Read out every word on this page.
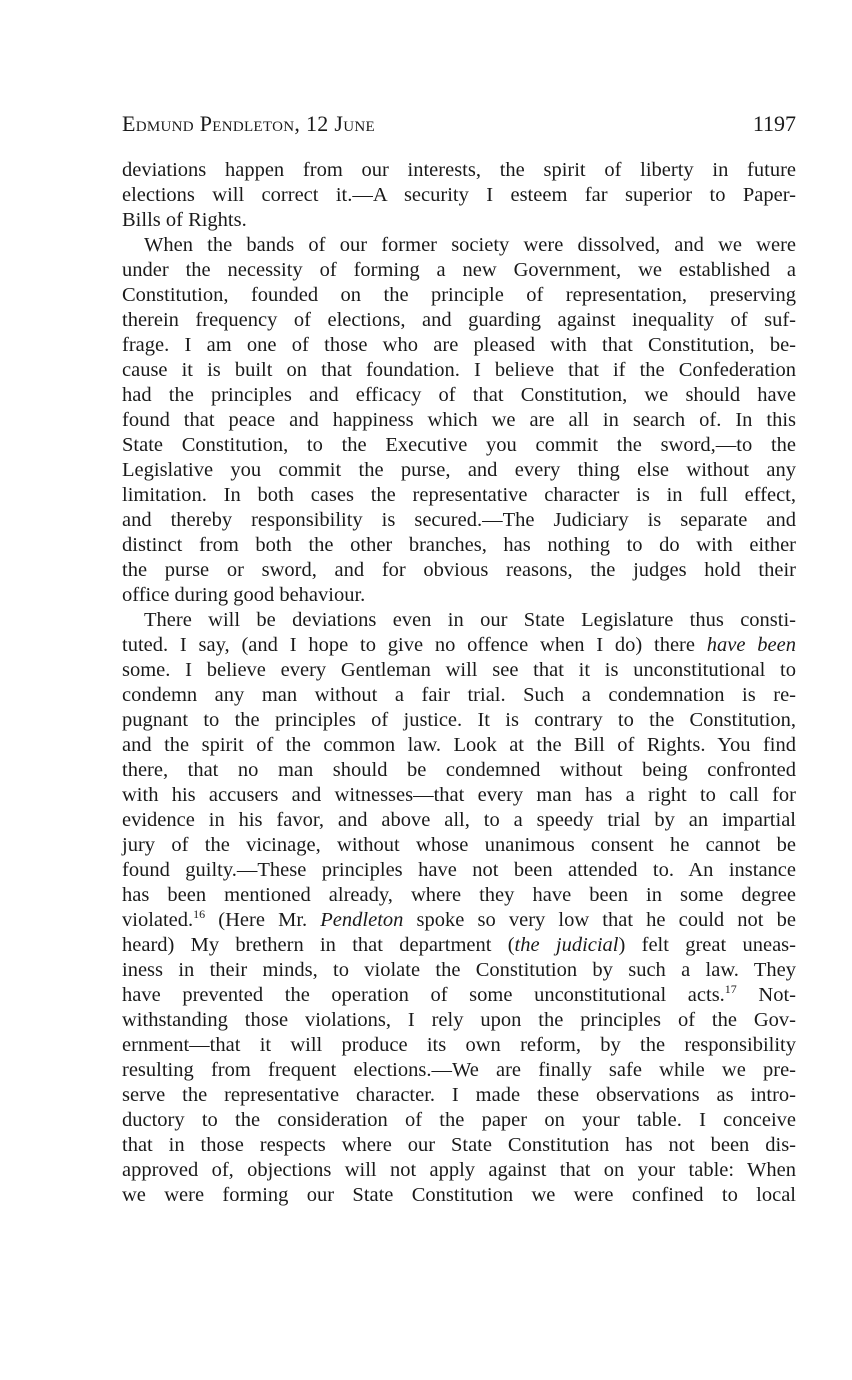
Edmund Pendleton, 12 June	1197
deviations happen from our interests, the spirit of liberty in future
elections will correct it.—A security I esteem far superior to Paper-
Bills of Rights.
When the bands of our former society were dissolved, and we were
under the necessity of forming a new Government, we established a
Constitution, founded on the principle of representation, preserving
therein frequency of elections, and guarding against inequality of suf-
frage. I am one of those who are pleased with that Constitution, be-
cause it is built on that foundation. I believe that if the Confederation
had the principles and efficacy of that Constitution, we should have
found that peace and happiness which we are all in search of. In this
State Constitution, to the Executive you commit the sword,—to the
Legislative you commit the purse, and every thing else without any
limitation. In both cases the representative character is in full effect,
and thereby responsibility is secured.—The Judiciary is separate and
distinct from both the other branches, has nothing to do with either
the purse or sword, and for obvious reasons, the judges hold their
office during good behaviour.
There will be deviations even in our State Legislature thus consti-
tuted. I say, (and I hope to give no offence when I do) there have been
some. I believe every Gentleman will see that it is unconstitutional to
condemn any man without a fair trial. Such a condemnation is re-
pugnant to the principles of justice. It is contrary to the Constitution,
and the spirit of the common law. Look at the Bill of Rights. You find
there, that no man should be condemned without being confronted
with his accusers and witnesses—that every man has a right to call for
evidence in his favor, and above all, to a speedy trial by an impartial
jury of the vicinage, without whose unanimous consent he cannot be
found guilty.—These principles have not been attended to. An instance
has been mentioned already, where they have been in some degree
violated.$^{16}$ (Here Mr. Pendleton spoke so very low that he could not be
heard) My brethern in that department (the judicial) felt great uneas-
iness in their minds, to violate the Constitution by such a law. They
have prevented the operation of some unconstitutional acts.$^{17}$ Not-
withstanding those violations, I rely upon the principles of the Gov-
ernment—that it will produce its own reform, by the responsibility
resulting from frequent elections.—We are finally safe while we pre-
serve the representative character. I made these observations as intro-
ductory to the consideration of the paper on your table. I conceive
that in those respects where our State Constitution has not been dis-
approved of, objections will not apply against that on your table: When
we were forming our State Constitution we were confined to local
